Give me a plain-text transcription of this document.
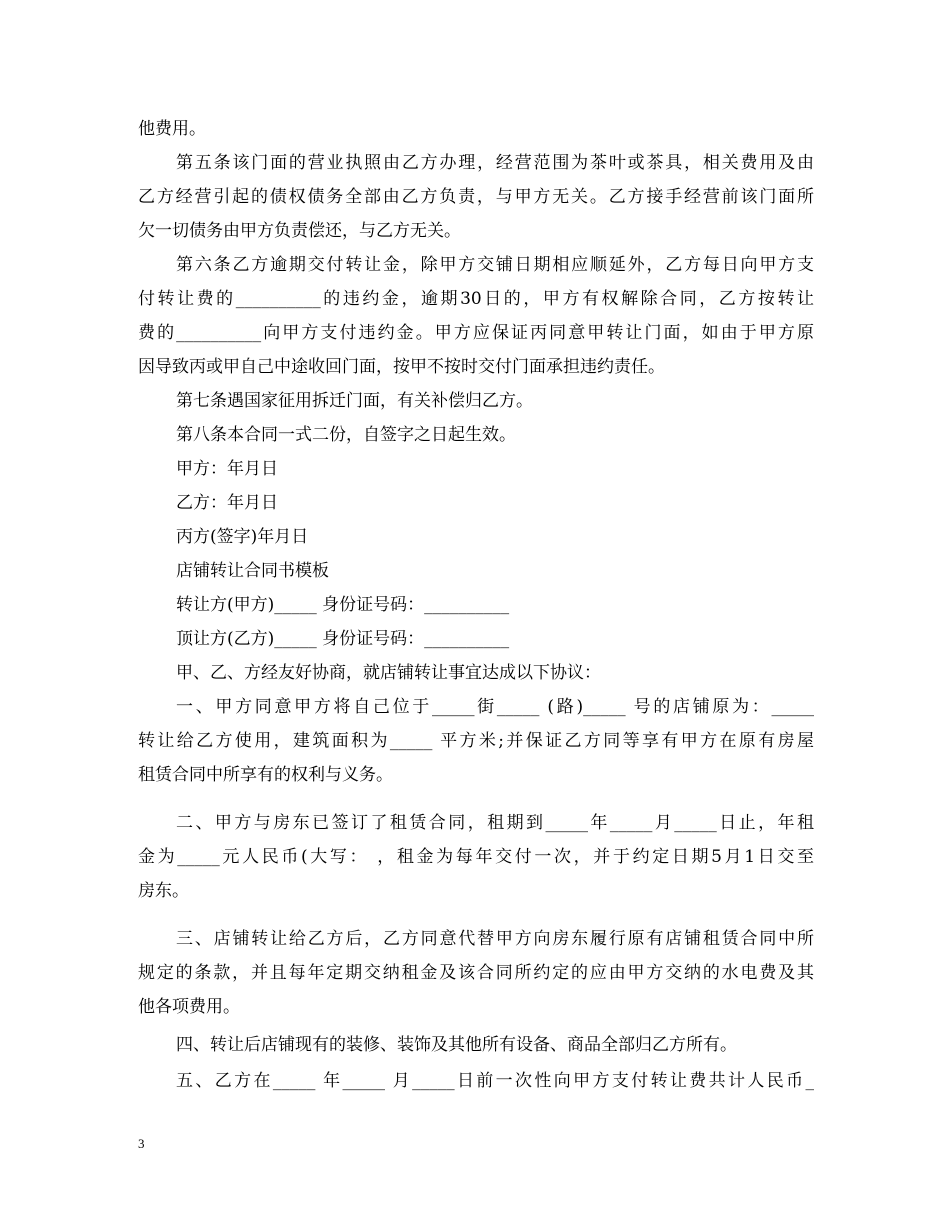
他费用。
第五条该门面的营业执照由乙方办理，经营范围为茶叶或茶具，相关费用及由
乙方经营引起的债权债务全部由乙方负责，与甲方无关。乙方接手经营前该门面所
欠一切债务由甲方负责偿还，与乙方无关。
第六条乙方逾期交付转让金，除甲方交铺日期相应顺延外，乙方每日向甲方支
付转让费的__________的违约金，逾期30日的，甲方有权解除合同，乙方按转让
费的__________向甲方支付违约金。甲方应保证丙同意甲转让门面，如由于甲方原
因导致丙或甲自己中途收回门面，按甲不按时交付门面承担违约责任。
第七条遇国家征用拆迁门面，有关补偿归乙方。
第八条本合同一式二份，自签字之日起生效。
甲方：年月日
乙方：年月日
丙方(签字)年月日
店铺转让合同书模板
转让方(甲方)_____ 身份证号码：__________
顶让方(乙方)_____ 身份证号码：__________
甲、乙、方经友好协商，就店铺转让事宜达成以下协议：
一、甲方同意甲方将自己位于_____街_____ (路)_____ 号的店铺原为：_____
转让给乙方使用，建筑面积为_____ 平方米;并保证乙方同等享有甲方在原有房屋
租赁合同中所享有的权利与义务。
二、甲方与房东已签订了租赁合同，租期到_____年_____月_____日止，年租
金为_____元人民币(大写： ，租金为每年交付一次，并于约定日期5月1日交至
房东。
三、店铺转让给乙方后，乙方同意代替甲方向房东履行原有店铺租赁合同中所
规定的条款，并且每年定期交纳租金及该合同所约定的应由甲方交纳的水电费及其
他各项费用。
四、转让后店铺现有的装修、装饰及其他所有设备、商品全部归乙方所有。
五、乙方在_____ 年_____ 月_____日前一次性向甲方支付转让费共计人民币_
3
